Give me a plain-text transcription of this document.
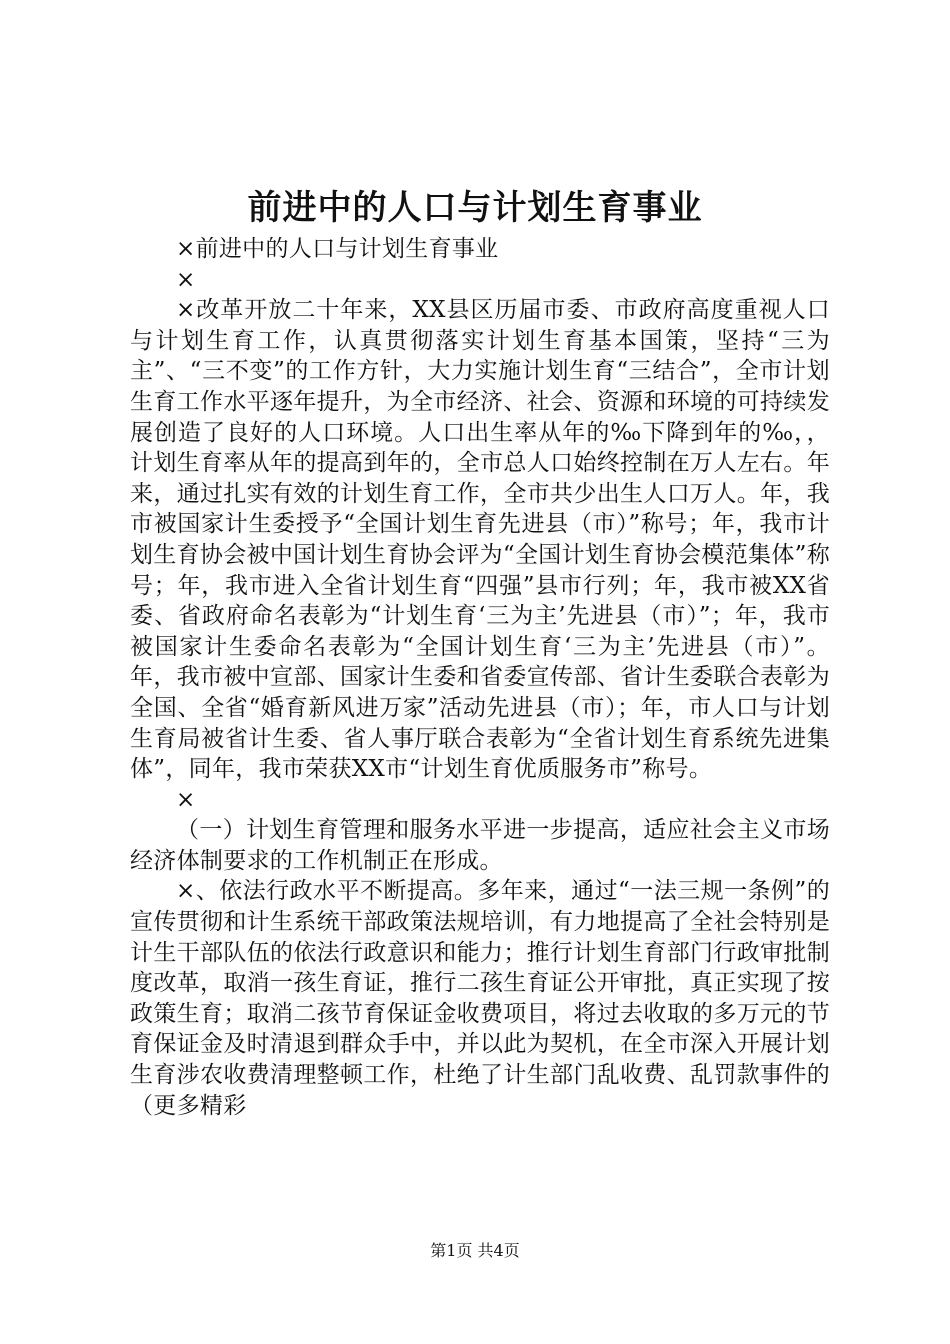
前进中的人口与计划生育事业

×前进中的人口与计划生育事业

×

×改革开放二十年来，XX县区历届市委、市政府高度重视人口与计划生育工作，认真贯彻落实计划生育基本国策，坚持“三为主”、“三不变”的工作方针，大力实施计划生育“三结合”，全市计划生育工作水平逐年提升，为全市经济、社会、资源和环境的可持续发展创造了良好的人口环境。人口出生率从年的‰下降到年的‰，，计划生育率从年的提高到年的，全市总人口始终控制在万人左右。年来，通过扎实有效的计划生育工作，全市共少出生人口万人。年，我市被国家计生委授予“全国计划生育先进县（市）”称号；年，我市计划生育协会被中国计划生育协会评为“全国计划生育协会模范集体”称号；年，我市进入全省计划生育“四强”县市行列；年，我市被XX省委、省政府命名表彰为“计划生育‘三为主’先进县（市）”；年，我市被国家计生委命名表彰为“全国计划生育‘三为主’先进县（市）”。年，我市被中宣部、国家计生委和省委宣传部、省计生委联合表彰为全国、全省“婚育新风进万家”活动先进县（市）；年，市人口与计划生育局被省计生委、省人事厅联合表彰为“全省计划生育系统先进集体”，同年，我市荣获XX市“计划生育优质服务市”称号。

×

（一）计划生育管理和服务水平进一步提高，适应社会主义市场经济体制要求的工作机制正在形成。

×、依法行政水平不断提高。多年来，通过“一法三规一条例”的宣传贯彻和计生系统干部政策法规培训，有力地提高了全社会特别是计生干部队伍的依法行政意识和能力；推行计划生育部门行政审批制度改革，取消一孩生育证，推行二孩生育证公开审批，真正实现了按政策生育；取消二孩节育保证金收费项目，将过去收取的多万元的节育保证金及时清退到群众手中，并以此为契机，在全市深入开展计划生育涉农收费清理整顿工作，杜绝了计生部门乱收费、乱罚款事件的（更多精彩

第1页 共4页
